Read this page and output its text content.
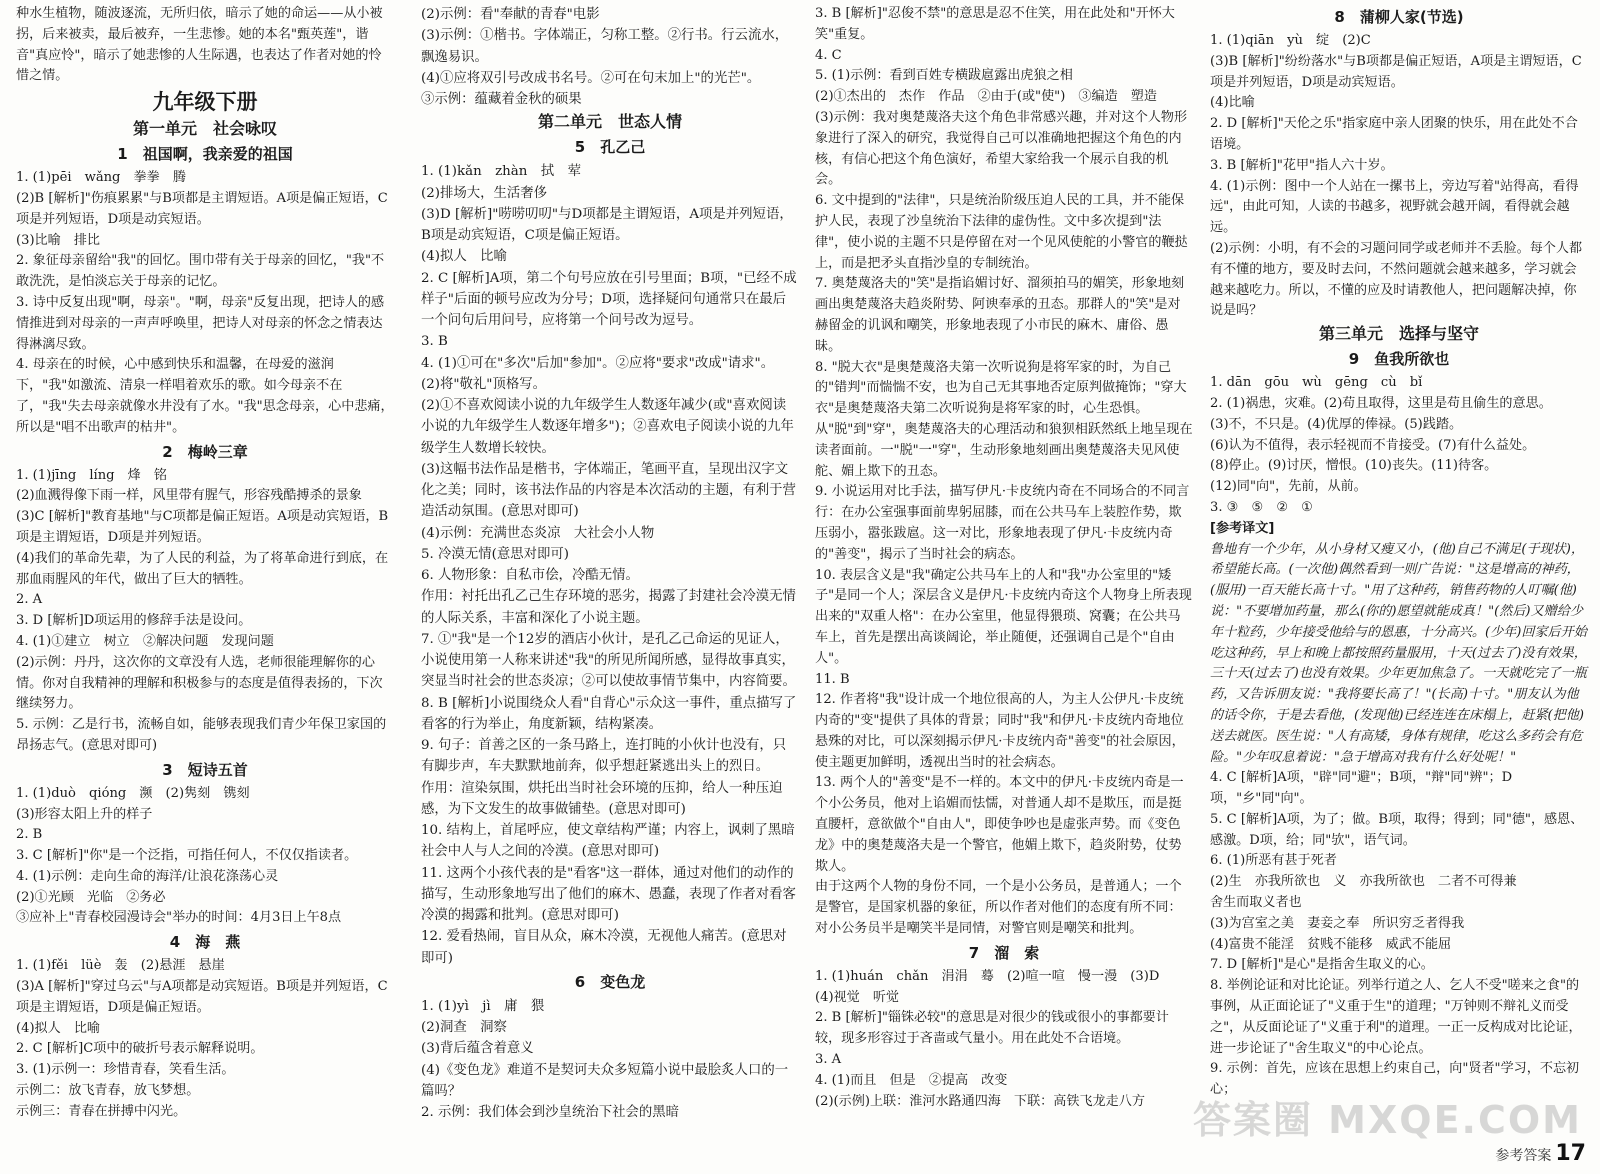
种水生植物，随波逐流，无所归依，暗示了她的命运——从小被拐，后来被卖，最后被弃，一生悲惨。她的本名"甄英莲"，谐音"真应怜"，暗示了她悲惨的人生际遇，也表达了作者对她的怜惜之情。

九年级下册

第一单元　社会咏叹

1　祖国啊，我亲爱的祖国

1. (1)pēi　wǎng　拳拳　腾

(2)B [解析]"伤痕累累"与B项都是主谓短语。A项是偏正短语，C项是并列短语，D项是动宾短语。

(3)比喻　排比

2. 象征母亲留给"我"的回忆。围巾带有关于母亲的回忆，"我"不敢洗洗，是怕淡忘关于母亲的记忆。

3. 诗中反复出现"啊，母亲"。"啊，母亲"反复出现，把诗人的感情推进到对母亲的一声声呼唤里，把诗人对母亲的怀念之情表达得淋漓尽致。

4. 母亲在的时候，心中感到快乐和温馨，在母爱的滋润下，"我"如激流、清泉一样唱着欢乐的歌。如今母亲不在了，"我"失去母亲就像水井没有了水。"我"思念母亲，心中悲痛，所以是"唱不出歌声的枯井"。

2　梅岭三章

1. (1)jīng　líng　烽　铭

(2)血溅得像下雨一样，风里带有腥气，形容残酷搏杀的景象

(3)C [解析]"教育基地"与C项都是偏正短语。A项是动宾短语，B项是主谓短语，D项是并列短语。

(4)我们的革命先辈，为了人民的利益，为了将革命进行到底，在那血雨腥风的年代，做出了巨大的牺牲。

2. A

3. D [解析]D项运用的修辞手法是设问。

4. (1)①建立　树立　②解决问题　发现问题

(2)示例：丹丹，这次你的文章没有人选，老师很能理解你的心情。你对自我精神的理解和积极参与的态度是值得表扬的，下次继续努力。

5. 示例：乙是行书，流畅自如，能够表现我们青少年保卫家国的昂扬志气。(意思对即可)

3　短诗五首

1. (1)duò　qióng　濒　(2)隽刻　镌刻

(3)形容太阳上升的样子

2. B

3. C [解析]"你"是一个泛指，可指任何人，不仅仅指读者。

4. (1)示例：走向生命的海洋/让浪花涤荡心灵

(2)①光顾　光临　②务必

③应补上"青春校园漫诗会"举办的时间：4月3日上午8点

4　海　燕

1. (1)fěi　lüè　轰　(2)悬涯　悬崖

(3)A [解析]"穿过乌云"与A项都是动宾短语。B项是并列短语，C项是主谓短语，D项是偏正短语。

(4)拟人　比喻

2. C [解析]C项中的破折号表示解释说明。

3. (1)示例一：珍惜青春，笑看生活。

示例二：放飞青春，放飞梦想。

示例三：青春在拼搏中闪光。

(2)示例：看"奉献的青春"电影

(3)示例：①楷书。字体端正，匀称工整。②行书。行云流水，飘逸易识。

(4)①应将双引号改成书名号。②可在句末加上"的光芒"。

③示例：蕴藏着金秋的硕果

第二单元　世态人情

5　孔乙己

1. (1)kǎn　zhàn　拭　荤

(2)排场大，生活奢侈

(3)D [解析]"唠唠叨叨"与D项都是主谓短语，A项是并列短语，B项是动宾短语，C项是偏正短语。

(4)拟人　比喻

2. C [解析]A项，第二个句号应放在引号里面；B项，"已经不成样子"后面的顿号应改为分号；D项，选择疑问句通常只在最后一个问句后用问号，应将第一个问号改为逗号。

3. B

4. (1)①可在"多次"后加"参加"。②应将"要求"改成"请求"。

(2)将"敬礼"顶格写。

(2)①不喜欢阅读小说的九年级学生人数逐年减少(或"喜欢阅读小说的九年级学生人数逐年增多")；②喜欢电子阅读小说的九年级学生人数增长较快。

(3)这幅书法作品是楷书，字体端正，笔画平直，呈现出汉字文化之美；同时，该书法作品的内容是本次活动的主题，有利于营造活动氛围。(意思对即可)

(4)示例：充满世态炎凉　大社会小人物

5. 冷漠无情(意思对即可)

6. 人物形象：自私市侩，冷酷无情。

作用：衬托出孔乙己生存环境的恶劣，揭露了封建社会冷漠无情的人际关系，丰富和深化了小说主题。

7. ①"我"是一个12岁的酒店小伙计，是孔乙己命运的见证人，小说使用第一人称来讲述"我"的所见所闻所感，显得故事真实，突显当时社会的世态炎凉；②可以使故事情节集中，内容简要。

8. B [解析]小说围绕众人看"自背心"示众这一事件，重点描写了看客的行为举止，角度新颖，结构紧凑。

9. 句子：首善之区的一条马路上，连打盹的小伙计也没有，只有脚步声，车夫默默地前奔，似乎想赶紧逃出头上的烈日。

作用：渲染氛围，烘托出当时社会环境的压抑，给人一种压迫感，为下文发生的故事做铺垫。(意思对即可)

10. 结构上，首尾呼应，使文章结构严谨；内容上，讽刺了黑暗社会中人与人之间的冷漠。(意思对即可)

11. 这两个小孩代表的是"看客"这一群体，通过对他们的动作的描写，生动形象地写出了他们的麻木、愚蠢，表现了作者对看客冷漠的揭露和批判。(意思对即可)

12. 爱看热闹，盲目从众，麻木冷漠，无视他人痛苦。(意思对即可)

6　变色龙

1. (1)yì　jì　庸　猥

(2)洞查　洞察

(3)背后蕴含着意义

(4)《变色龙》难道不是契诃夫众多短篇小说中最脍炙人口的一篇吗？

2. 示例：我们体会到沙皇统治下社会的黑暗

3. B [解析]"忍俊不禁"的意思是忍不住笑，用在此处和"开怀大笑"重复。

4. C

5. (1)示例：看到百姓专横跋扈露出虎狼之相

(2)①杰出的　杰作　作品　②由于(或"使")　③编造　塑造

(3)示例：我对奥楚蔑洛夫这个角色非常感兴趣，并对这个人物形象进行了深入的研究，我觉得自己可以准确地把握这个角色的内核，有信心把这个角色演好，希望大家给我一个展示自我的机会。

6. 文中提到的"法律"，只是统治阶级压迫人民的工具，并不能保护人民，表现了沙皇统治下法律的虚伪性。文中多次提到"法律"，使小说的主题不只是停留在对一个见风使舵的小警官的鞭挞上，而是把矛头直指沙皇的专制统治。

7. 奥楚蔑洛夫的"笑"是指谄媚讨好、溜须拍马的媚笑，形象地刻画出奥楚蔑洛夫趋炎附势、阿谀奉承的丑态。那群人的"笑"是对赫留金的讥讽和嘲笑，形象地表现了小市民的麻木、庸俗、愚昧。

8. "脱大衣"是奥楚蔑洛夫第一次听说狗是将军家的时，为自己的"错判"而惴惴不安，也为自己无其事地否定原判做掩饰；"穿大衣"是奥楚蔑洛夫第二次听说狗是将军家的时，心生恐惧。从"脱"到"穿"，奥楚蔑洛夫的心理活动和狼狈相跃然纸上地呈现在读者面前。一"脱"一"穿"，生动形象地刻画出奥楚蔑洛夫见风使舵、媚上欺下的丑态。

9. 小说运用对比手法，描写伊凡·卡皮统内奇在不同场合的不同言行：在办公室强事面前卑躬屈膝，而在公共马车上装腔作势，欺压弱小，嚣张跋扈。这一对比，形象地表现了伊凡·卡皮统内奇的"善变"，揭示了当时社会的病态。

10. 表层含义是"我"确定公共马车上的人和"我"办公室里的"矮子"是同一个人；深层含义是伊凡·卡皮统内奇这个人物身上所表现出来的"双重人格"：在办公室里，他显得猥琐、窝囊；在公共马车上，首先是摆出高谈阔论，举止随便，还强调自己是个"自由人"。

11. B

12. 作者将"我"设计成一个地位很高的人，为主人公伊凡·卡皮统内奇的"变"提供了具体的背景；同时"我"和伊凡·卡皮统内奇地位悬殊的对比，可以深刻揭示伊凡·卡皮统内奇"善变"的社会原因，使主题更加鲜明，透视出当时的社会病态。

13. 两个人的"善变"是不一样的。本文中的伊凡·卡皮统内奇是一个小公务员，他对上谄媚而怯懦，对普通人却不是欺压，而是挺直腰杆，意欲做个"自由人"，即使争吵也是虚张声势。而《变色龙》中的奥楚蔑洛夫是一个警官，他媚上欺下，趋炎附势，仗势欺人。

由于这两个人物的身份不同，一个是小公务员，是普通人；一个是警官，是国家机器的象征，所以作者对他们的态度有所不同：对小公务员半是嘲笑半是同情，对警官则是嘲笑和批判。

7　溜　索

1. (1)huán　chǎn　涓涓　蓦　(2)喧一喧　慢一漫　(3)D

(4)视觉　听觉

2. B [解析]"锱铢必较"的意思是对很少的钱或很小的事都要计较，现多形容过于吝啬或气量小。用在此处不合语境。

3. A

4. (1)而且　但是　②提高　改变

(2)(示例)上联：淮河水路通四海　下联：高铁飞龙走八方

8　蒲柳人家(节选)

1. (1)qiān　yù　绽　(2)C

(3)B [解析]"纷纷落水"与B项都是偏正短语，A项是主谓短语，C项是并列短语，D项是动宾短语。

(4)比喻

2. D [解析]"天伦之乐"指家庭中亲人团聚的快乐，用在此处不合语境。

3. B [解析]"花甲"指人六十岁。

4. (1)示例：图中一个人站在一摞书上，旁边写着"站得高，看得远"，由此可知，人读的书越多，视野就会越开阔，看得就会越远。

(2)示例：小明，有不会的习题问同学或老师并不丢脸。每个人都有不懂的地方，要及时去问，不然问题就会越来越多，学习就会越来越吃力。所以，不懂的应及时请教他人，把问题解决掉，你说是吗？

第三单元　选择与坚守

9　鱼我所欲也

1. dān　gōu　wù　gēng　cù　bǐ

2. (1)祸患，灾难。(2)苟且取得，这里是苟且偷生的意思。

(3)不，不只是。(4)优厚的俸禄。(5)践踏。

(6)认为不值得，表示轻视而不肯接受。(7)有什么益处。

(8)停止。(9)讨厌，憎恨。(10)丧失。(11)待客。

(12)同"向"，先前，从前。

3. ③　⑤　②　①

[参考译文]

鲁地有一个少年，从小身材又瘦又小，(他)自己不满足(于现状)，希望能长高。(一次他)偶然看到一则广告说："这是增高的神药，(服用)一百天能长高十寸。"用了这种药，销售药物的人叮嘱(他)说："不要增加药量，那么(你的)愿望就能成真！"(然后)又赠给少年十粒药，少年接受他给与的恩惠，十分高兴。(少年)回家后开始吃这种药，早上和晚上都按照药量服用，十天(过去了)没有效果，三十天(过去了)也没有效果。少年更加焦急了。一天就吃完了一瓶药，又告诉朋友说："我将要长高了！"(长高)十寸。"朋友认为他的话令你，于是去看他，(发现他)已经连连在床榻上，赶紧(把他)送去就医。医生说："人有高矮，身体有规律，吃这么多药会有危险。"少年叹息着说："急于增高对我有什么好处呢！"

4. C [解析]A项，"辟"同"避"；B项，"辩"同"辨"；D项，"乡"同"向"。

5. C [解析]A项，为了；做。B项，取得；得到；同"德"，感恩、感激。D项，给；同"欤"，语气词。

6. (1)所恶有甚于死者

(2)生　亦我所欲也　义　亦我所欲也　二者不可得兼

舍生而取义者也

(3)为宫室之美　妻妾之奉　所识穷乏者得我

(4)富贵不能淫　贫贱不能移　威武不能屈

7. D [解析]"是心"是指舍生取义的心。

8. 举例论证和对比论证。列举行道之人、乞人不受"嗟来之食"的事例，从正面论证了"义重于生"的道理；"万钟则不辩礼义而受之"，从反面论证了"义重于利"的道理。一正一反构成对比论证，进一步论证了"舍生取义"的中心论点。

9. 示例：首先，应该在思想上约束自己，向"贤者"学习，不忘初心；

答案圈 MXQE.COM
参考答案 17
